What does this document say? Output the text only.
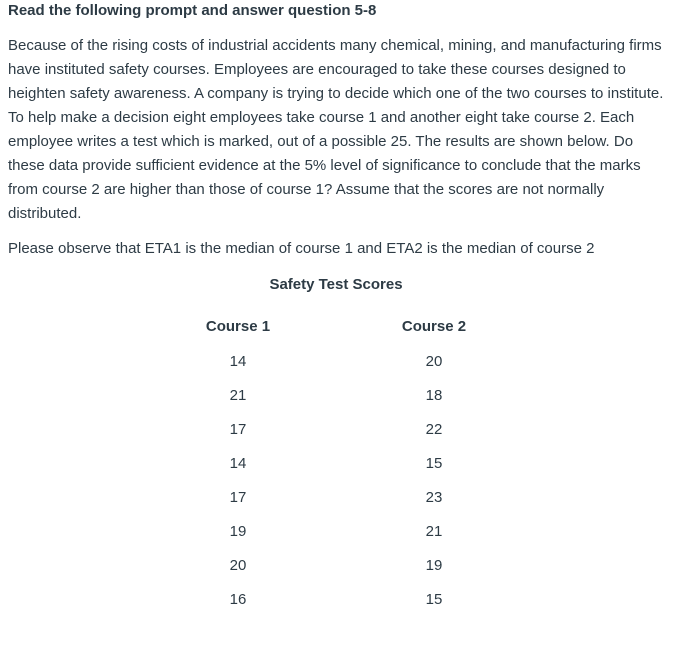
Read the following prompt and answer question 5-8

Because of the rising costs of industrial accidents many chemical, mining, and manufacturing firms have instituted safety courses. Employees are encouraged to take these courses designed to heighten safety awareness. A company is trying to decide which one of the two courses to institute. To help make a decision eight employees take course 1 and another eight take course 2. Each employee writes a test which is marked, out of a possible 25. The results are shown below. Do these data provide sufficient evidence at the 5% level of significance to conclude that the marks from course 2 are higher than those of course 1? Assume that the scores are not normally distributed.

Please observe that ETA1 is the median of course 1 and ETA2 is the median of course 2

Safety Test Scores
Course 1	Course 2
14	20
21	18
17	22
14	15
17	23
19	21
20	19
16	15
